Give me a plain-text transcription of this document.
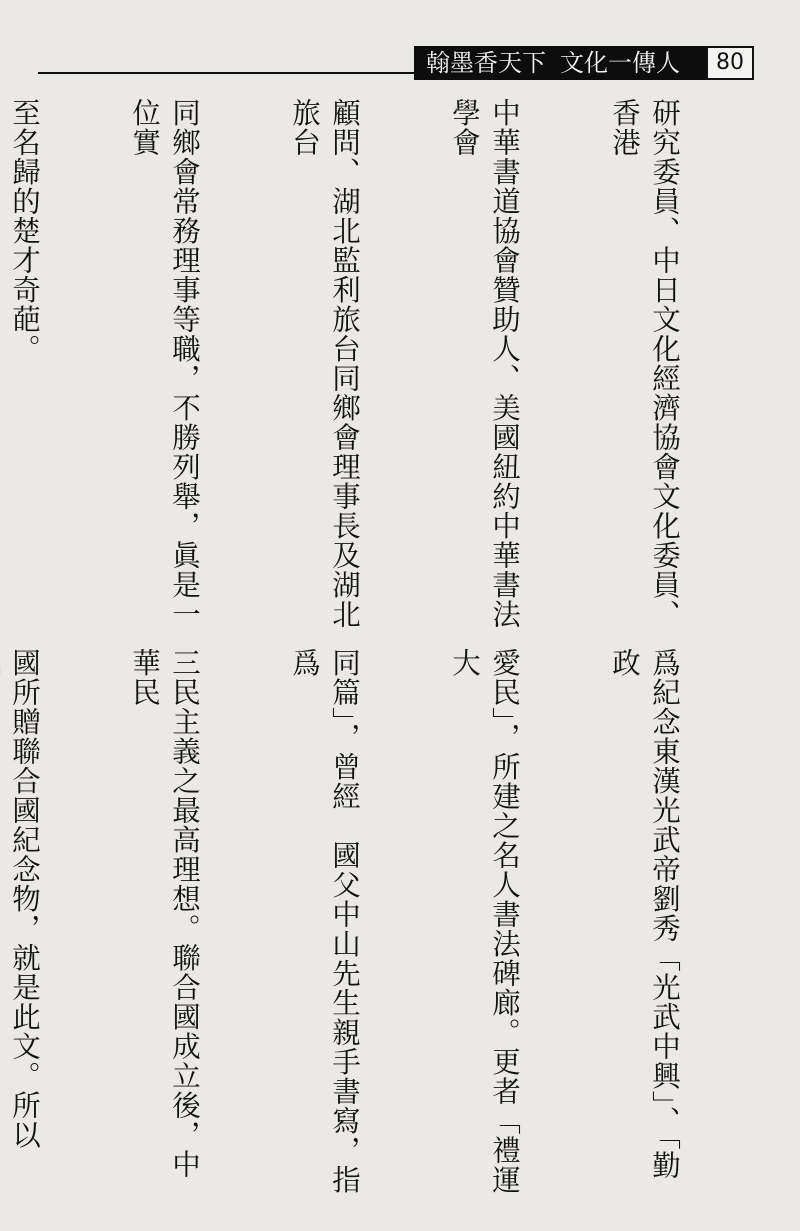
翰墨香天下 文化一傳人	80

研究委員、中日文化經濟協會文化委員、香港

中華書道協會贊助人、美國紐約中華書法學會

顧問、湖北監利旅台同鄉會理事長及湖北旅台

同鄉會常務理事等職，不勝列舉，眞是一位實

至名歸的楚才奇葩。

爲紀念東漢光武帝劉秀「光武中興」、「勤政

愛民」，所建之名人書法碑廊。更者「禮運大

同篇」，曾經　國父中山先生親手書寫，指爲

三民主義之最高理想。聯合國成立後，中華民

國所贈聯合國紀念物，就是此文。所以
